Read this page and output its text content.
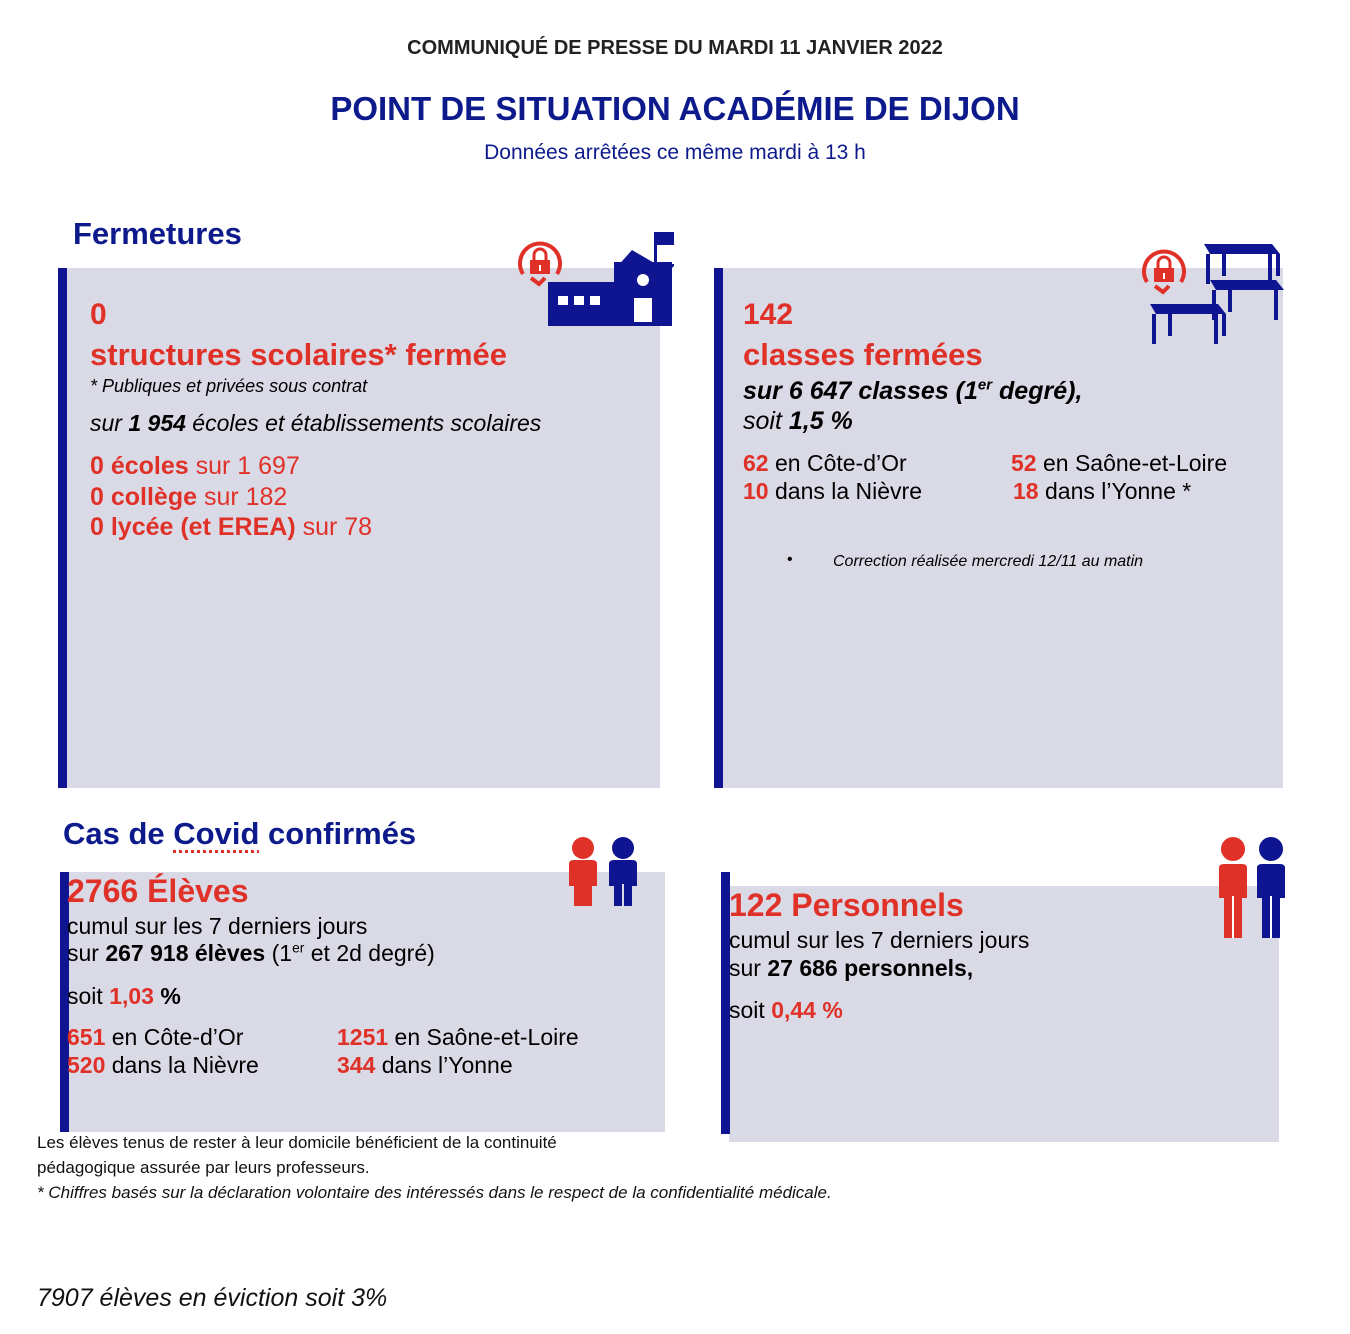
COMMUNIQUÉ DE PRESSE DU MARDI 11 JANVIER 2022
POINT DE SITUATION ACADÉMIE DE DIJON
Données arrêtées ce même mardi à 13 h
Fermetures
0
structures scolaires* fermée
* Publiques et privées sous contrat
sur 1 954 écoles et établissements scolaires
0 écoles sur 1 697
0 collège sur 182
0 lycée (et EREA) sur 78
142
classes fermées
sur 6 647 classes (1er degré),
soit 1,5 %
62 en Côte-d’Or	52 en Saône-et-Loire
10 dans la Nièvre	18 dans l’Yonne *
•	Correction réalisée mercredi 12/11 au matin
Cas de Covid confirmés
2766 Élèves
cumul sur les 7 derniers jours
sur 267 918 élèves (1er et 2d degré)
soit 1,03 %
651 en Côte-d’Or	1251 en Saône-et-Loire
520 dans la Nièvre	344 dans l’Yonne
122 Personnels
cumul sur les 7 derniers jours
sur 27 686 personnels,
soit 0,44 %
Les élèves tenus de rester à leur domicile bénéficient de la continuité
pédagogique assurée par leurs professeurs.
* Chiffres basés sur la déclaration volontaire des intéressés dans le respect de la confidentialité médicale.
7907 élèves en éviction soit 3%
